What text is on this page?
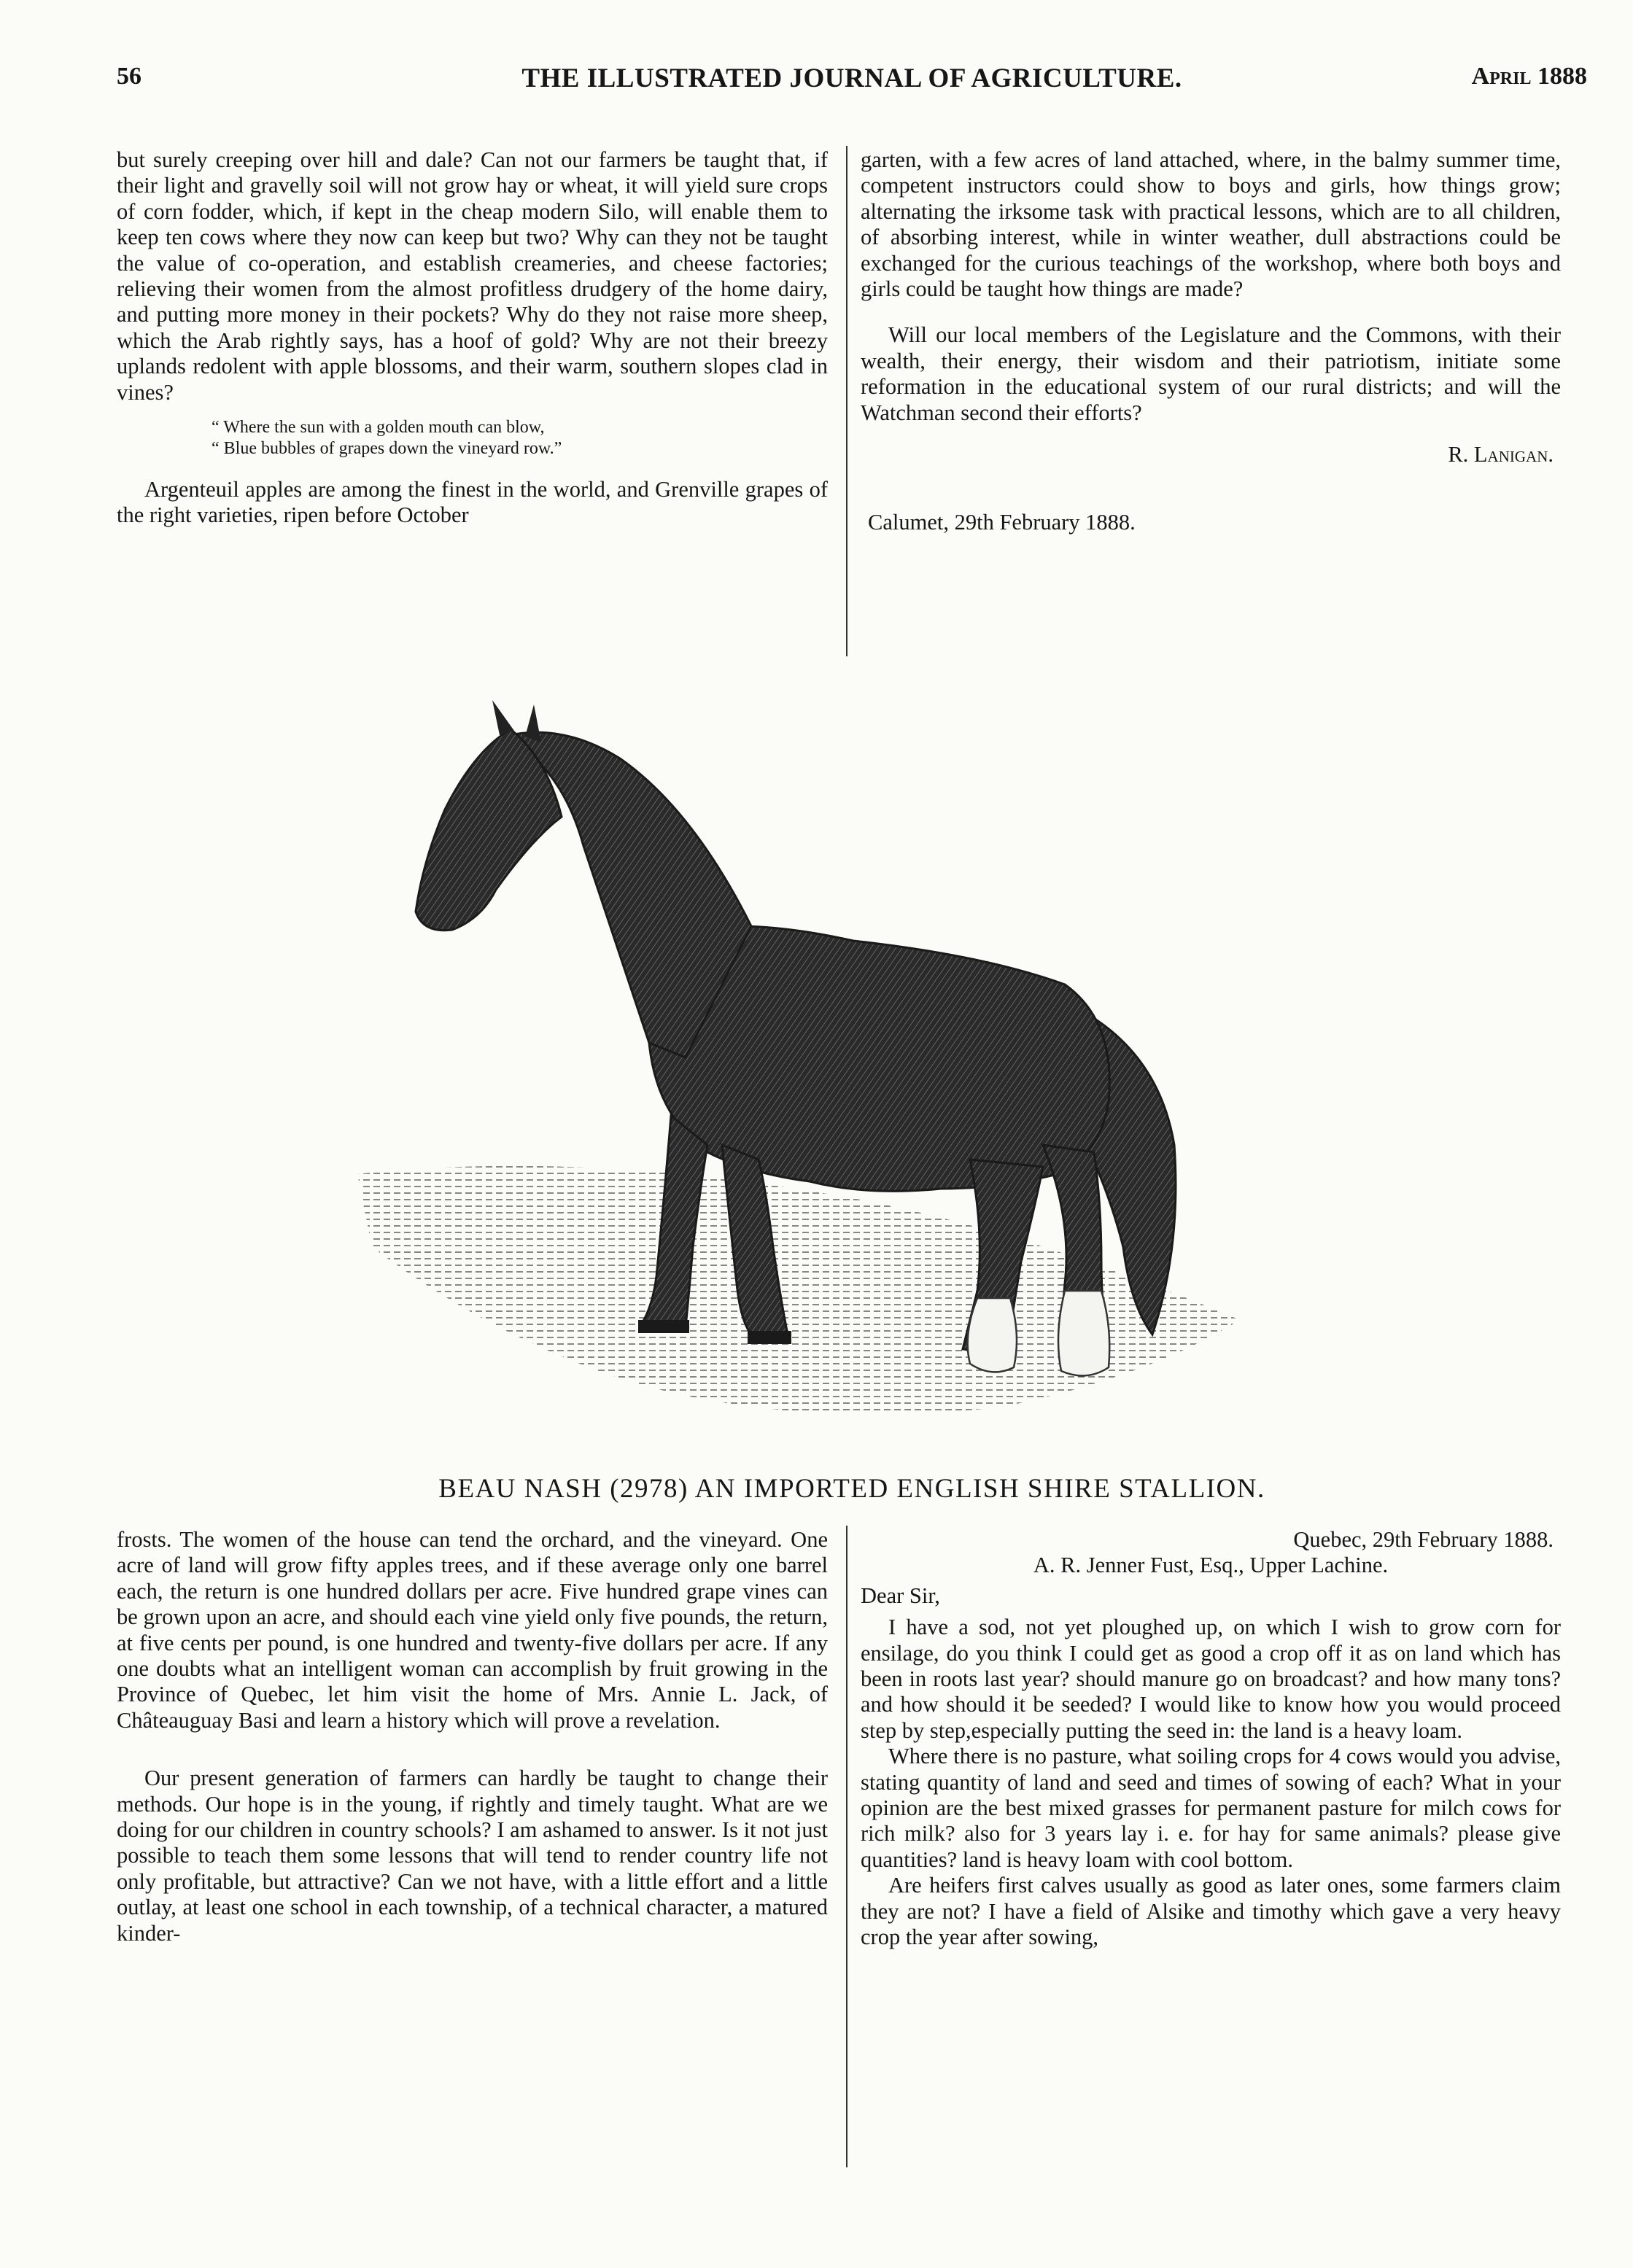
56	THE ILLUSTRATED JOURNAL OF AGRICULTURE.	April 1888

but surely creeping over hill and dale? Can not our farmers be taught that, if their light and gravelly soil will not grow hay or wheat, it will yield sure crops of corn fodder, which, if kept in the cheap modern Silo, will enable them to keep ten cows where they now can keep but two? Why can they not be taught the value of co-operation, and establish creameries, and cheese factories; relieving their women from the almost profitless drudgery of the home dairy, and putting more money in their pockets? Why do they not raise more sheep, which the Arab rightly says, has a hoof of gold? Why are not their breezy uplands redolent with apple blossoms, and their warm, southern slopes clad in vines?

“ Where the sun with a golden mouth can blow,
“ Blue bubbles of grapes down the vineyard row.”

Argenteuil apples are among the finest in the world, and Grenville grapes of the right varieties, ripen before October

garten, with a few acres of land attached, where, in the balmy summer time, competent instructors could show to boys and girls, how things grow; alternating the irksome task with practical lessons, which are to all children, of absorbing interest, while in winter weather, dull abstractions could be exchanged for the curious teachings of the workshop, where both boys and girls could be taught how things are made?

Will our local members of the Legislature and the Commons, with their wealth, their energy, their wisdom and their patriotism, initiate some reformation in the educational system of our rural districts; and will the Watchman second their efforts?

R. Lanigan.
Calumet, 29th February 1888.
BEAU NASH (2978) AN IMPORTED ENGLISH SHIRE STALLION.

frosts. The women of the house can tend the orchard, and the vineyard. One acre of land will grow fifty apples trees, and if these average only one barrel each, the return is one hundred dollars per acre. Five hundred grape vines can be grown upon an acre, and should each vine yield only five pounds, the return, at five cents per pound, is one hundred and twenty-five dollars per acre. If any one doubts what an intelligent woman can accomplish by fruit growing in the Province of Quebec, let him visit the home of Mrs. Annie L. Jack, of Châteauguay Basi and learn a history which will prove a revelation.

Our present generation of farmers can hardly be taught to change their methods. Our hope is in the young, if rightly and timely taught. What are we doing for our children in country schools? I am ashamed to answer. Is it not just possible to teach them some lessons that will tend to render country life not only profitable, but attractive? Can we not have, with a little effort and a little outlay, at least one school in each township, of a technical character, a matured kinder-

Quebec, 29th February 1888.
A. R. Jenner Fust, Esq., Upper Lachine.
Dear Sir,

I have a sod, not yet ploughed up, on which I wish to grow corn for ensilage, do you think I could get as good a crop off it as on land which has been in roots last year? should manure go on broadcast? and how many tons? and how should it be seeded? I would like to know how you would proceed step by step,especially putting the seed in: the land is a heavy loam.

Where there is no pasture, what soiling crops for 4 cows would you advise, stating quantity of land and seed and times of sowing of each? What in your opinion are the best mixed grasses for permanent pasture for milch cows for rich milk? also for 3 years lay i. e. for hay for same animals? please give quantities? land is heavy loam with cool bottom.

Are heifers first calves usually as good as later ones, some farmers claim they are not? I have a field of Alsike and timothy which gave a very heavy crop the year after sowing,
